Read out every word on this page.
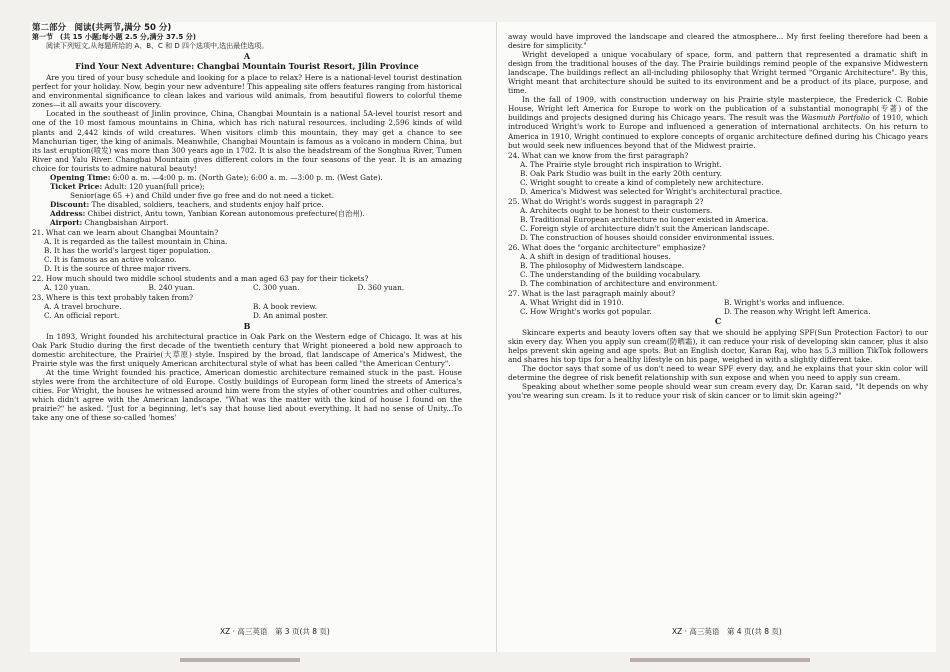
第二部分　阅读(共两节,满分 50 分)

第一节　(共 15 小题;每小题 2.5 分,满分 37.5 分)

阅读下列短文,从每题所给的 A、B、C 和 D 四个选项中,选出最佳选项。

A

Find Your Next Adventure: Changbai Mountain Tourist Resort, Jilin Province

Are you tired of your busy schedule and looking for a place to relax? Here is a national-level tourist destination perfect for your holiday. Now, begin your new adventure! This appealing site offers features ranging from historical and environmental significance to clean lakes and various wild animals, from beautiful flowers to colorful theme zones—it all awaits your discovery.

Located in the southeast of Jinlin province, China, Changbai Mountain is a national 5A-level tourist resort and one of the 10 most famous mountains in China, which has rich natural resources, including 2,596 kinds of wild plants and 2,442 kinds of wild creatures. When visitors climb this mountain, they may get a chance to see Manchurian tiger, the king of animals. Meanwhile, Changbai Mountain is famous as a volcano in modern China, but its last eruption(喷发) was more than 300 years ago in 1702. It is also the headstream of the Songhua River, Tumen River and Yalu River. Changbai Mountain gives different colors in the four seasons of the year. It is an amazing choice for tourists to admire natural beauty!

Opening Time: 6:00 a. m. —4:00 p. m. (North Gate); 6:00 a. m. —3:00 p. m. (West Gate).

Ticket Price: Adult: 120 yuan(full price);

Senior(age 65 +) and Child under five go free and do not need a ticket.

Discount: The disabled, soldiers, teachers, and students enjoy half price.

Address: Chibei district, Antu town, Yanbian Korean autonomous prefecture(自治州).

Airport: Changbaishan Airport.

21. What can we learn about Changbai Mountain?

A. It is regarded as the tallest mountain in China.

B. It has the world's largest tiger population.

C. It is famous as an active volcano.

D. It is the source of three major rivers.

22. How much should two middle school students and a man aged 63 pay for their tickets?

A. 120 yuan.	B. 240 yuan.	C. 300 yuan.	D. 360 yuan.

23. Where is this text probably taken from?

A. A travel brochure.	B. A book review.
C. An official report.	D. An animal poster.

B

In 1893, Wright founded his architectural practice in Oak Park on the Western edge of Chicago. It was at his Oak Park Studio during the first decade of the twentieth century that Wright pioneered a bold new approach to domestic architecture, the Prairie(大草原) style. Inspired by the broad, flat landscape of America's Midwest, the Prairie style was the first uniquely American architectural style of what has been called "the American Century".

At the time Wright founded his practice, American domestic architecture remained stuck in the past. House styles were from the architecture of old Europe. Costly buildings of European form lined the streets of America's cities. For Wright, the houses he witnessed around him were from the styles of other countries and other cultures, which didn't agree with the American landscape. "What was the matter with the kind of house I found on the prairie?" he asked. "Just for a beginning, let's say that house lied about everything. It had no sense of Unity...To take any one of these so-called 'homes'

away would have improved the landscape and cleared the atmosphere... My first feeling therefore had been a desire for simplicity."

Wright developed a unique vocabulary of space, form, and pattern that represented a dramatic shift in design from the traditional houses of the day. The Prairie buildings remind people of the expansive Midwestern landscape. The buildings reflect an all-including philosophy that Wright termed "Organic Architecture". By this, Wright meant that architecture should be suited to its environment and be a product of its place, purpose, and time.

In the fall of 1909, with construction underway on his Prairie style masterpiece, the Frederick C. Robie House, Wright left America for Europe to work on the publication of a substantial monograph(专著) of the buildings and projects designed during his Chicago years. The result was the Wasmuth Portfolio of 1910, which introduced Wright's work to Europe and influenced a generation of international architects. On his return to America in 1910, Wright continued to explore concepts of organic architecture defined during his Chicago years but would seek new influences beyond that of the Midwest prairie.

24. What can we know from the first paragraph?

A. The Prairie style brought rich inspiration to Wright.

B. Oak Park Studio was built in the early 20th century.

C. Wright sought to create a kind of completely new architecture.

D. America's Midwest was selected for Wright's architectural practice.

25. What do Wright's words suggest in paragraph 2?

A. Architects ought to be honest to their customers.

B. Traditional European architecture no longer existed in America.

C. Foreign style of architecture didn't suit the American landscape.

D. The construction of houses should consider environmental issues.

26. What does the "organic architecture" emphasize?

A. A shift in design of traditional houses.

B. The philosophy of Midwestern landscape.

C. The understanding of the building vocabulary.

D. The combination of architecture and environment.

27. What is the last paragraph mainly about?

A. What Wright did in 1910.	B. Wright's works and influence.
C. How Wright's works got popular.	D. The reason why Wright left America.

C

Skincare experts and beauty lovers often say that we should be applying SPF(Sun Protection Factor) to our skin every day. When you apply sun cream(防晒霜), it can reduce your risk of developing skin cancer, plus it also helps prevent skin ageing and age spots. But an English doctor, Karan Raj, who has 5.3 million TikTok followers and shares his top tips for a healthy lifestyle on his page, weighed in with a slightly different take.

The doctor says that some of us don't need to wear SPF every day, and he explains that your skin color will determine the degree of risk benefit relationship with sun expose and when you need to apply sun cream.

Speaking about whether some people should wear sun cream every day, Dr. Karan said, "It depends on why you're wearing sun cream. Is it to reduce your risk of skin cancer or to limit skin ageing?"

XZ · 高三英语　第 3 页(共 8 页)	XZ · 高三英语　第 4 页(共 8 页)
